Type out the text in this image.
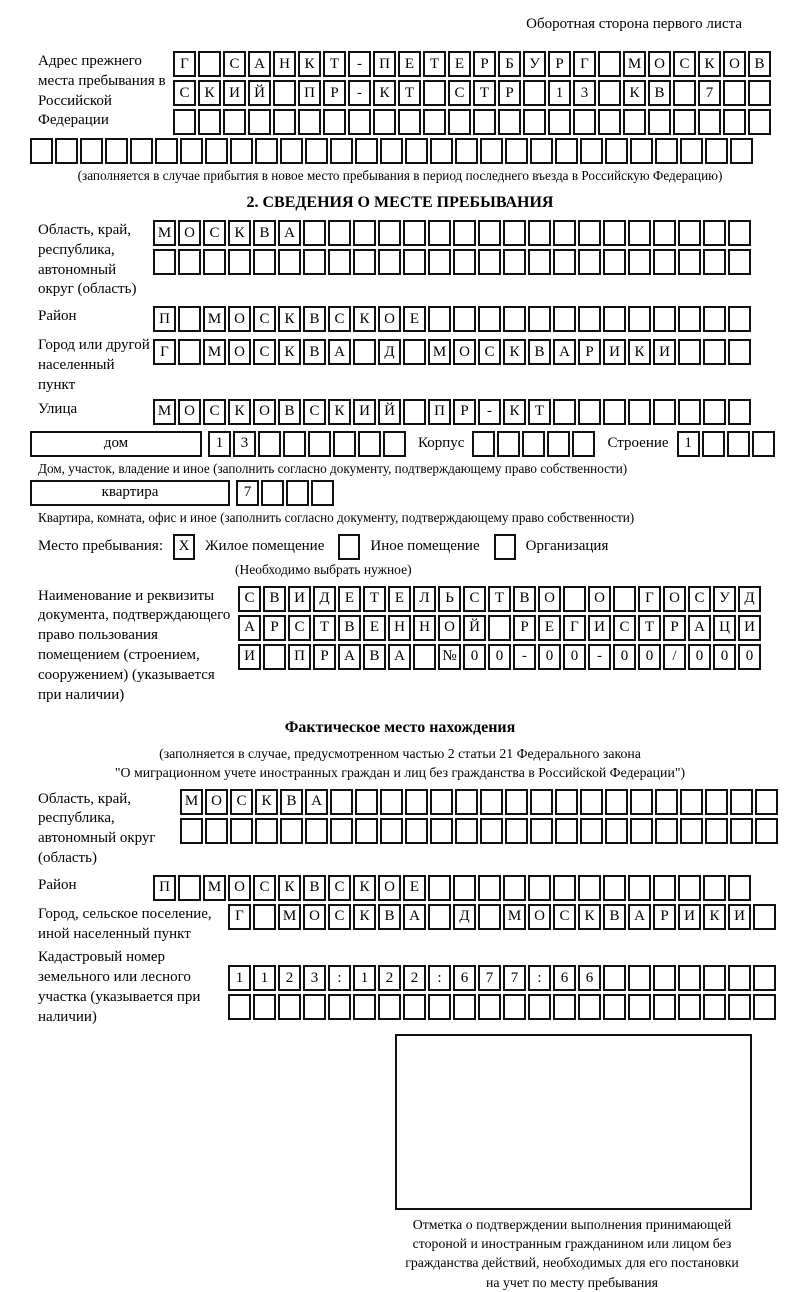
Оборотная сторона первого листа
Адрес прежнего места пребывания в Российской Федерации
Г	С А Н К	Т	-	П Е	Т	Е	Р	Б	У	Р	Г	М О С К О В
С К И Й	П	Р	-	К	Т	С	Т	Р	1	3	К В	7
(заполняется в случае прибытия в новое место пребывания в период последнего въезда в Российскую Федерацию)
2. СВЕДЕНИЯ О МЕСТЕ ПРЕБЫВАНИЯ
Область, край, республика, автономный округ (область)
М О С К В А
Район	П	М О С К В С К О Е
Город или другой населенный пункт
Г	М О С К В А	Д	М О С К В А	Р	И К И
Улица	М О С К О В С К И Й	П	Р	-	К	Т
дом	1	3	Корпус	Строение	1
Дом, участок, владение и иное (заполнить согласно документу, подтверждающему право собственности)
квартира	7
Квартира, комната, офис и иное (заполнить согласно документу, подтверждающему право собственности)
Место пребывания:	X	Жилое помещение	Иное помещение	Организация
(Необходимо выбрать нужное)
Наименование и реквизиты документа, подтверждающего право пользования помещением (строением, сооружением) (указывается при наличии)
С В И Д	Е	Т	Е	Л	Ь	С	Т	В О	О	Г	О С У Д
А	Р	С	Т	В	Е	Н Н О Й	Р	Е	Г	И С	Т	Р	А Ц И
И	П	Р	А В А	№ 0	0	-	0	0	-	0	0	/	0	0	0
Фактическое место нахождения
(заполняется в случае, предусмотренном частью 2 статьи 21 Федерального закона
"О миграционном учете иностранных граждан и лиц без гражданства в Российской Федерации")
Область, край, республика, автономный округ (область)
М О С К В А
Район	П	М О С К В С К О Е
Город, сельское поселение, иной населенный пункт
Г	М О С К В А	Д	М О С К В А	Р	И К И
Кадастровый номер земельного или лесного участка (указывается при наличии)
1	1	2	3	:	1	2	2	:	6	7	7	:	6	6
Отметка о подтверждении выполнения принимающей
стороной и иностранным гражданином или лицом без
гражданства действий, необходимых для его постановки
на учет по месту пребывания
